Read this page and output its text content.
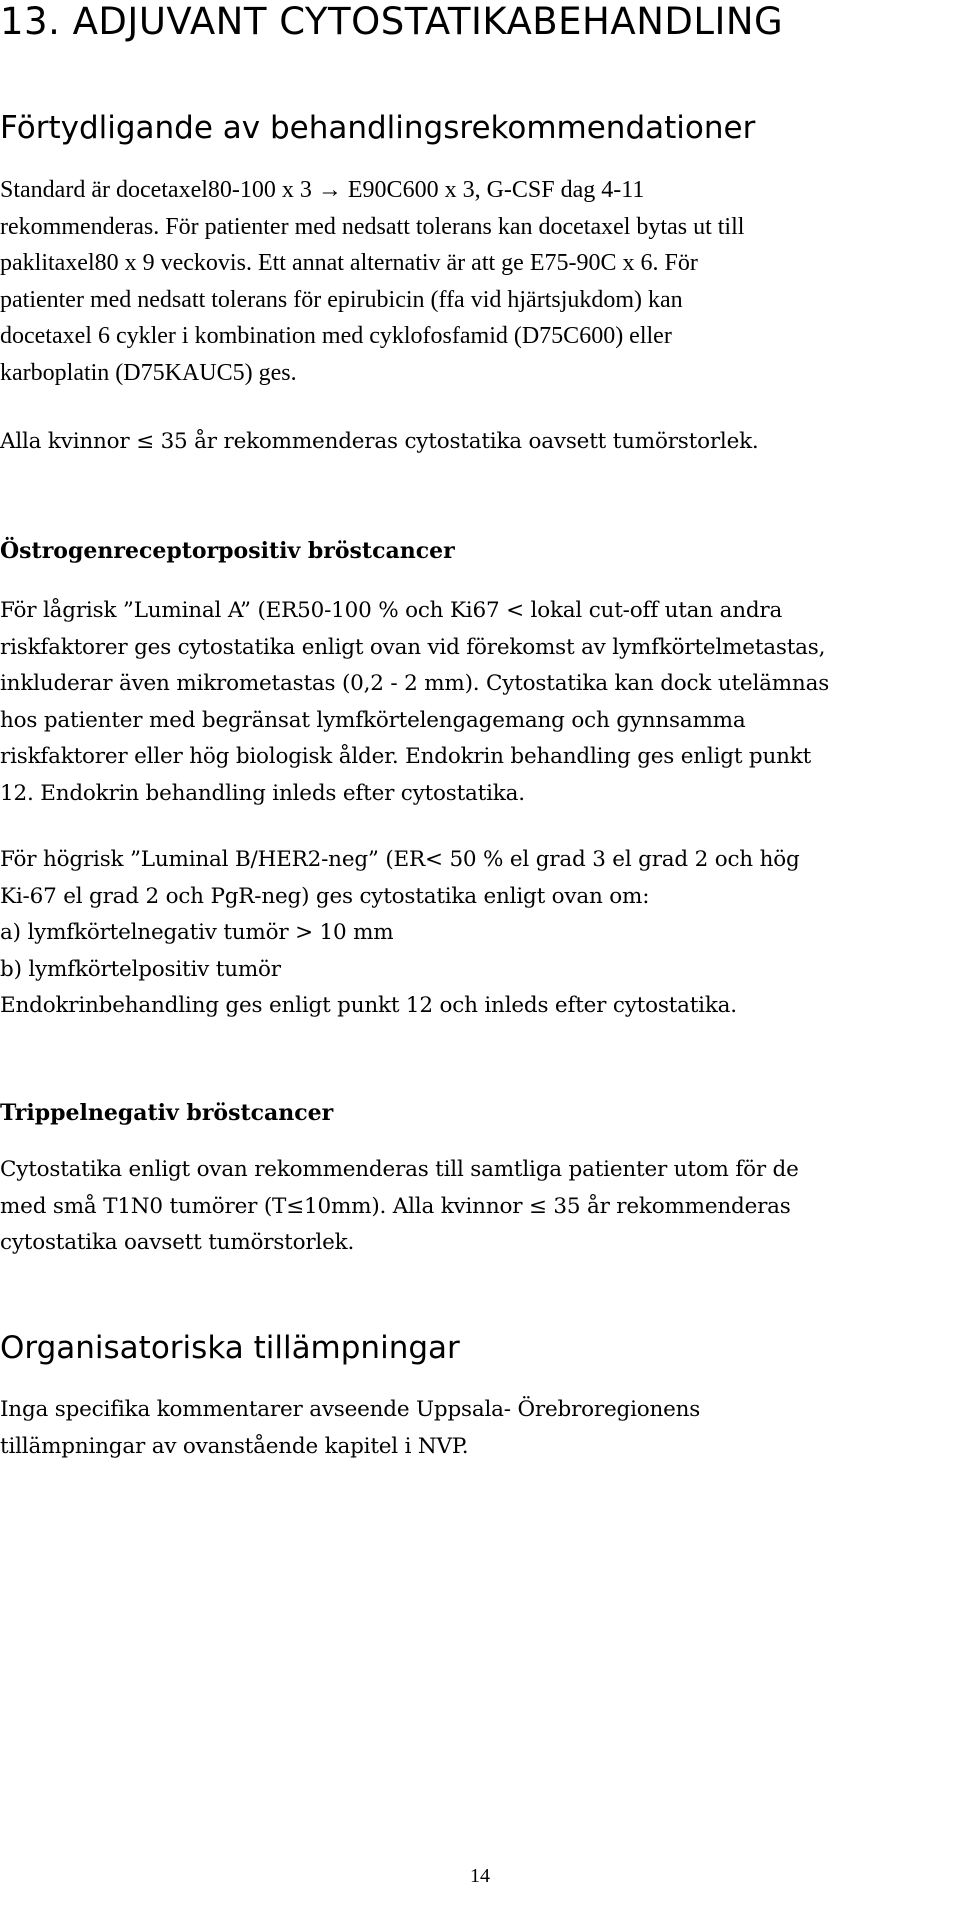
13. ADJUVANT CYTOSTATIKABEHANDLING
Förtydligande av behandlingsrekommendationer

Standard är docetaxel80-100 x 3 → E90C600 x 3, G-CSF dag 4-11
rekommenderas. För patienter med nedsatt tolerans kan docetaxel bytas ut till
paklitaxel80 x 9 veckovis. Ett annat alternativ är att ge E75-90C x 6. För
patienter med nedsatt tolerans för epirubicin (ffa vid hjärtsjukdom) kan
docetaxel 6 cykler i kombination med cyklofosfamid (D75C600) eller
karboplatin (D75KAUC5) ges.

Alla kvinnor ≤ 35 år rekommenderas cytostatika oavsett tumörstorlek.

Östrogenreceptorpositiv bröstcancer

För lågrisk ”Luminal A” (ER50-100 % och Ki67 < lokal cut-off utan andra
riskfaktorer ges cytostatika enligt ovan vid förekomst av lymfkörtelmetastas,
inkluderar även mikrometastas (0,2 - 2 mm). Cytostatika kan dock utelämnas
hos patienter med begränsat lymfkörtelengagemang och gynnsamma
riskfaktorer eller hög biologisk ålder. Endokrin behandling ges enligt punkt
12. Endokrin behandling inleds efter cytostatika.

För högrisk ”Luminal B/HER2-neg” (ER< 50 % el grad 3 el grad 2 och hög
Ki-67 el grad 2 och PgR-neg) ges cytostatika enligt ovan om:
a) lymfkörtelnegativ tumör > 10 mm
b) lymfkörtelpositiv tumör
Endokrinbehandling ges enligt punkt 12 och inleds efter cytostatika.

Trippelnegativ bröstcancer

Cytostatika enligt ovan rekommenderas till samtliga patienter utom för de
med små T1N0 tumörer (T≤10mm). Alla kvinnor ≤ 35 år rekommenderas
cytostatika oavsett tumörstorlek.

Organisatoriska tillämpningar

Inga specifika kommentarer avseende Uppsala- Örebroregionens
tillämpningar av ovanstående kapitel i NVP.

14
